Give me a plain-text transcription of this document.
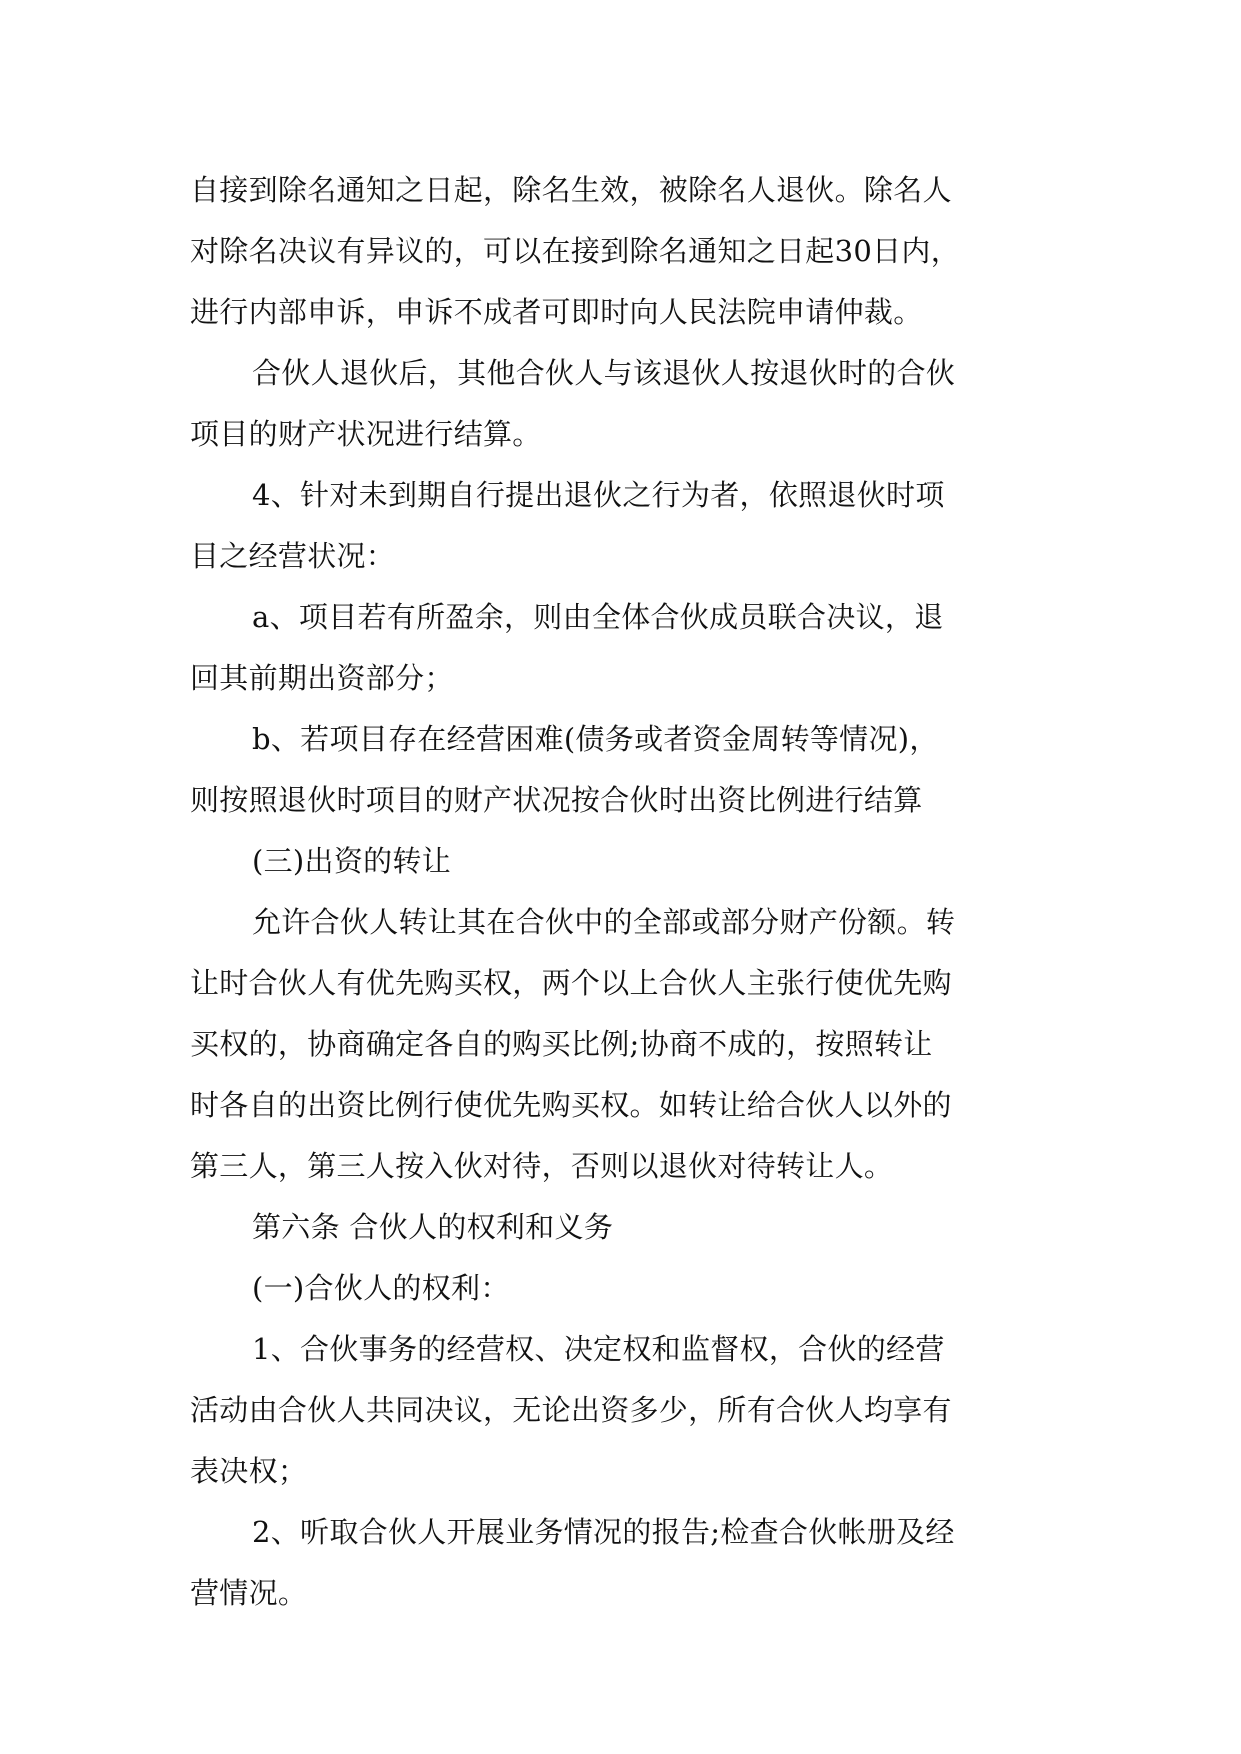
自接到除名通知之日起，除名生效，被除名人退伙。除名人
对除名决议有异议的，可以在接到除名通知之日起30日内，
进行内部申诉，申诉不成者可即时向人民法院申请仲裁。
合伙人退伙后，其他合伙人与该退伙人按退伙时的合伙
项目的财产状况进行结算。
4、针对未到期自行提出退伙之行为者，依照退伙时项
目之经营状况：
a、项目若有所盈余，则由全体合伙成员联合决议，退
回其前期出资部分；
b、若项目存在经营困难(债务或者资金周转等情况)，
则按照退伙时项目的财产状况按合伙时出资比例进行结算
(三)出资的转让
允许合伙人转让其在合伙中的全部或部分财产份额。转
让时合伙人有优先购买权，两个以上合伙人主张行使优先购
买权的，协商确定各自的购买比例;协商不成的，按照转让
时各自的出资比例行使优先购买权。如转让给合伙人以外的
第三人，第三人按入伙对待，否则以退伙对待转让人。
第六条 合伙人的权利和义务
(一)合伙人的权利：
1、合伙事务的经营权、决定权和监督权，合伙的经营
活动由合伙人共同决议，无论出资多少，所有合伙人均享有
表决权；
2、听取合伙人开展业务情况的报告;检查合伙帐册及经
营情况。
